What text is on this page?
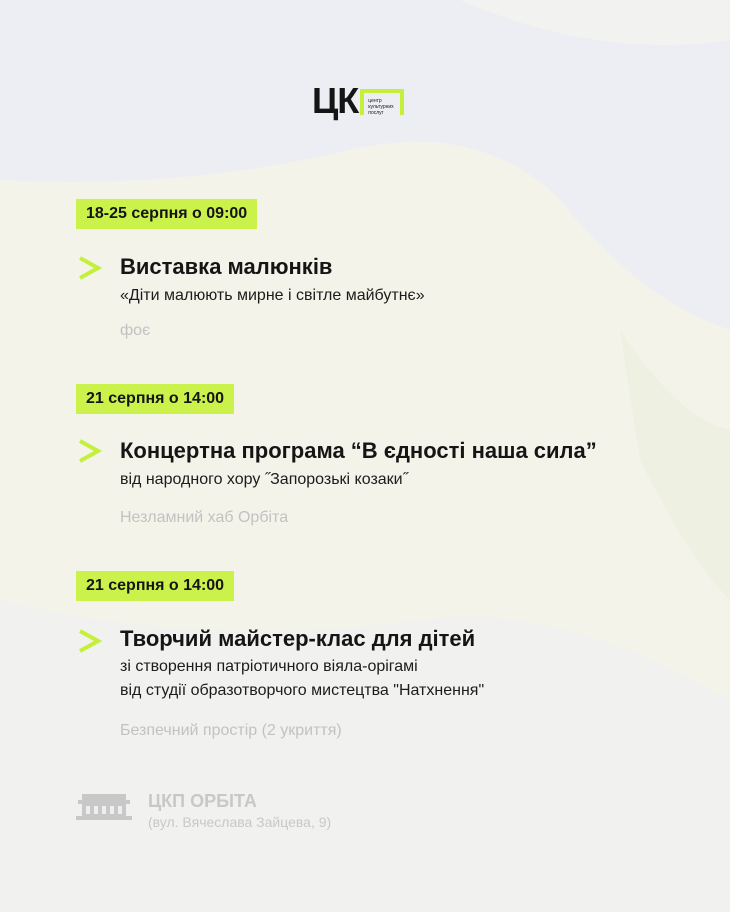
ЦК центр культурних послуг
18-25 серпня о 09:00
Виставка малюнків
«Діти малюють мирне і світле майбутнє»
фоє
21 серпня о 14:00
Концертна програма “В єдності наша сила”
від народного хору ˝Запорозькі козаки˝
Незламний хаб Орбіта
21 серпня о 14:00
Творчий майстер-клас для дітей
зі створення патріотичного віяла-орігамі
від студії образотворчого мистецтва "Натхнення"
Безпечний простір (2 укриття)
ЦКП ОРБІТА
(вул. Вячеслава Зайцева, 9)
